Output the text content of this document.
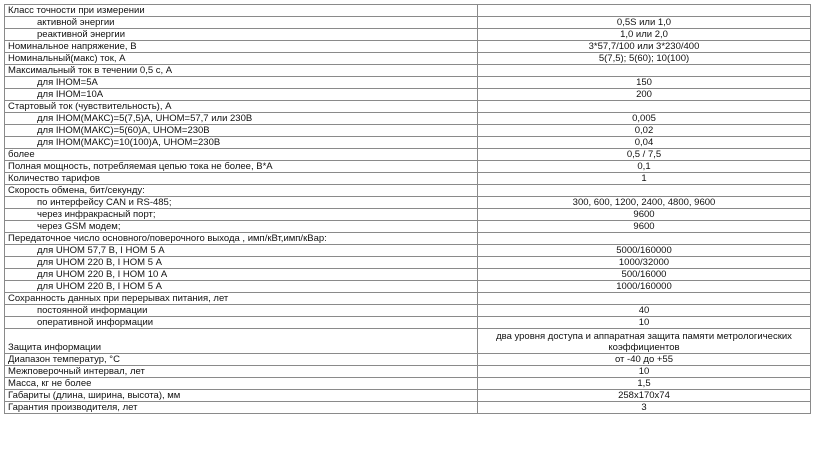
Класс точности при измерении	
активной энергии	0,5S или 1,0
реактивной энергии	1,0 или 2,0
Номинальное напряжение, В	3*57,7/100 или 3*230/400
Номинальный(макс) ток, А	5(7,5); 5(60); 10(100)
Максимальный ток в течении 0,5 с, А	
для IНОМ=5А	150
для IНОМ=10А	200
Стартовый ток (чувствительность), А	
для IНОМ(МАКС)=5(7,5)А, UНОМ=57,7 или 230В	0,005
для IНОМ(МАКС)=5(60)А, UНОМ=230В	0,02
для IНОМ(МАКС)=10(100)А, UНОМ=230В	0,04
более	0,5 / 7,5
Полная мощность, потребляемая цепью тока не более, В*А	0,1
Количество тарифов	1
Скорость обмена, бит/секунду:	
по интерфейсу CAN и RS-485;	300, 600, 1200, 2400, 4800, 9600
через инфракрасный порт;	9600
через GSM модем;	9600
Передаточное число основного/поверочного выхода , имп/кВт,имп/кВар:	
для UНОМ 57,7 В, I НОМ 5 А	5000/160000
для UНОМ 220 В, I НОМ 5 А	1000/32000
для UНОМ 220 В, I НОМ 10 А	500/16000
для UНОМ 220 В, I НОМ 5 А	1000/160000
Сохранность данных при перерывах питания, лет	
постоянной информации	40
оперативной информации	10
Защита информации	два уровня доступа и аппаратная защита памяти метрологических коэффициентов
Диапазон температур, °С	от -40 до +55
Межповерочный интервал, лет	10
Масса, кг не более	1,5
Габариты (длина, ширина, высота), мм	258x170x74
Гарантия производителя, лет	3
